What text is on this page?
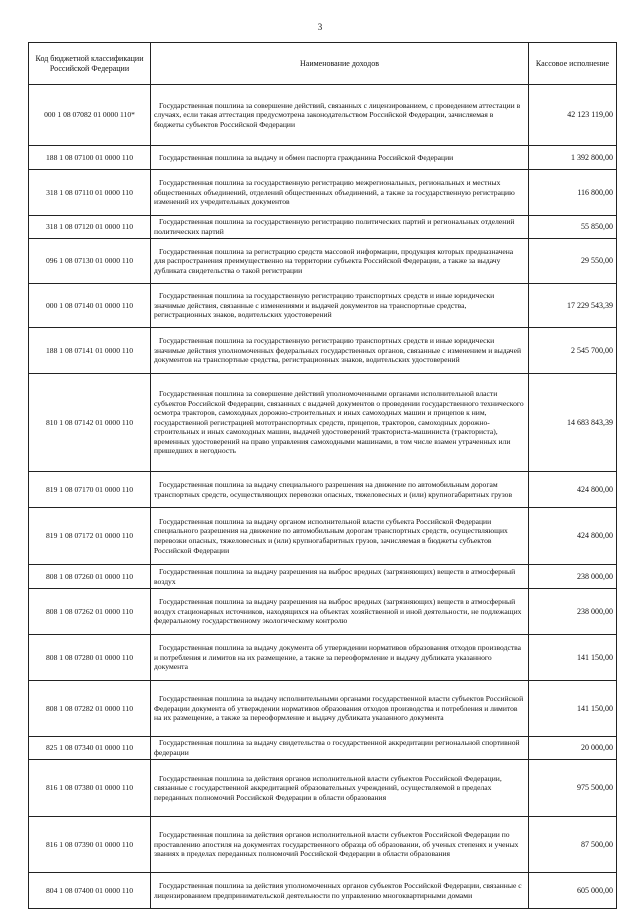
3
Код бюджетной классификации Российской Федерации	Наименование доходов	Кассовое исполнение
000 1 08 07082 01 0000 110*	Государственная пошлина за совершение действий, связанных с лицензированием, с проведением аттестации в случаях, если такая аттестация предусмотрена законодательством Российской Федерации, зачисляемая в бюджеты субъектов Российской Федерации	42 123 119,00
188 1 08 07100 01 0000 110	Государственная пошлина за выдачу и обмен паспорта гражданина Российской Федерации	1 392 800,00
318 1 08 07110 01 0000 110	Государственная пошлина за государственную регистрацию межрегиональных, региональных и местных общественных объединений, отделений общественных объединений, а также за государственную регистрацию изменений их учредительных документов	116 800,00
318 1 08 07120 01 0000 110	Государственная пошлина за государственную регистрацию политических партий и региональных отделений политических партий	55 850,00
096 1 08 07130 01 0000 110	Государственная пошлина за регистрацию средств массовой информации, продукция которых предназначена для распространения преимущественно на территории субъекта Российской Федерации, а также за выдачу дубликата свидетельства о такой регистрации	29 550,00
000 1 08 07140 01 0000 110	Государственная пошлина за государственную регистрацию транспортных средств и иные юридически значимые действия, связанные с изменениями и выдачей документов на транспортные средства, регистрационных знаков, водительских удостоверений	17 229 543,39
188 1 08 07141 01 0000 110	Государственная пошлина за государственную регистрацию транспортных средств и иные юридически значимые действия уполномоченных федеральных государственных органов, связанные с изменением и выдачей документов на транспортные средства, регистрационных знаков, водительских удостоверений	2 545 700,00
810 1 08 07142 01 0000 110	Государственная пошлина за совершение действий уполномоченными органами исполнительной власти субъектов Российской Федерации, связанных с выдачей документов о проведении государственного технического осмотра тракторов, самоходных дорожно-строительных и иных самоходных машин и прицепов к ним, государственной регистрацией мототранспортных средств, прицепов, тракторов, самоходных дорожно-строительных и иных самоходных машин, выдачей удостоверений тракториста-машиниста (тракториста), временных удостоверений на право управления самоходными машинами, в том числе взамен утраченных или пришедших в негодность	14 683 843,39
819 1 08 07170 01 0000 110	Государственная пошлина за выдачу специального разрешения на движение по автомобильным дорогам транспортных средств, осуществляющих перевозки опасных, тяжеловесных и (или) крупногабаритных грузов	424 800,00
819 1 08 07172 01 0000 110	Государственная пошлина за выдачу органом исполнительной власти субъекта Российской Федерации специального разрешения на движение по автомобильным дорогам транспортных средств, осуществляющих перевозки опасных, тяжеловесных и (или) крупногабаритных грузов, зачисляемая в бюджеты субъектов Российской Федерации	424 800,00
808 1 08 07260 01 0000 110	Государственная пошлина за выдачу разрешения на выброс вредных (загрязняющих) веществ в атмосферный воздух	238 000,00
808 1 08 07262 01 0000 110	Государственная пошлина за выдачу разрешения на выброс вредных (загрязняющих) веществ в атмосферный воздух стационарных источников, находящихся на объектах хозяйственной и иной деятельности, не подлежащих федеральному государственному экологическому контролю	238 000,00
808 1 08 07280 01 0000 110	Государственная пошлина за выдачу документа об утверждении нормативов образования отходов производства и потребления и лимитов на их размещение, а также за переоформление и выдачу дубликата указанного документа	141 150,00
808 1 08 07282 01 0000 110	Государственная пошлина за выдачу исполнительными органами государственной власти субъектов Российской Федерации документа об утверждении нормативов образования отходов производства и потребления и лимитов на их размещение, а также за переоформление и выдачу дубликата указанного документа	141 150,00
825 1 08 07340 01 0000 110	Государственная пошлина за выдачу свидетельства о государственной аккредитации региональной спортивной федерации	20 000,00
816 1 08 07380 01 0000 110	Государственная пошлина за действия органов исполнительной власти субъектов Российской Федерации, связанные с государственной аккредитацией образовательных учреждений, осуществляемой в пределах переданных полномочий Российской Федерации в области образования	975 500,00
816 1 08 07390 01 0000 110	Государственная пошлина за действия органов исполнительной власти субъектов Российской Федерации по проставлению апостиля на документах государственного образца об образовании, об ученых степенях и ученых званиях в пределах переданных полномочий Российской Федерации в области образования	87 500,00
804 1 08 07400 01 0000 110	Государственная пошлина за действия уполномоченных органов субъектов Российской Федерации, связанные с лицензированием предпринимательской деятельности по управлению многоквартирными домами	605 000,00
